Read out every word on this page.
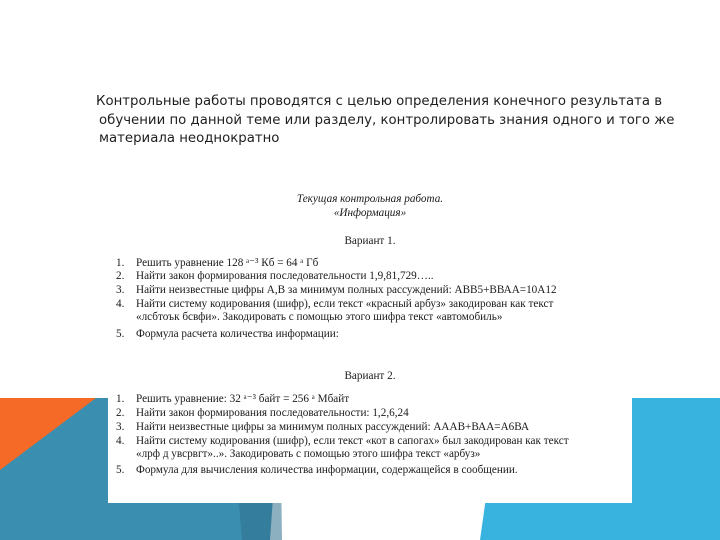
Контрольные работы проводятся с целью определения конечного результата в
обучении по данной теме или разделу, контролировать знания одного и того же
материала неоднократно
Текущая контрольная работа.
«Информация»
Вариант 1.
1. Решить уравнение 128 ᵃ⁻³ Кб = 64 ᵃ Гб
2. Найти закон формирования последовательности 1,9,81,729…..
3. Найти неизвестные цифры А,В за минимум полных рассуждений: АВВ5+ВВАА=10А12
4. Найти систему кодирования (шифр), если текст «красный арбуз» закодирован как текст
«лсбтоък бсвфи». Закодировать с помощью этого шифра текст «автомобиль»
5. Формула расчета количества информации:
Вариант 2.
1. Решить уравнение: 32 ᵃ⁻³ байт = 256 ᵃ Мбайт
2. Найти закон формирования последовательности: 1,2,6,24
3. Найти неизвестные цифры за минимум полных рассуждений: ААAB+ВАА=А6ВА
4. Найти систему кодирования (шифр), если текст «кот в сапогах» был закодирован как текст
«лрф д увсрвгт»..». Закодировать с помощью этого шифра текст «арбуз»
5. Формула для вычисления количества информации, содержащейся в сообщении.
